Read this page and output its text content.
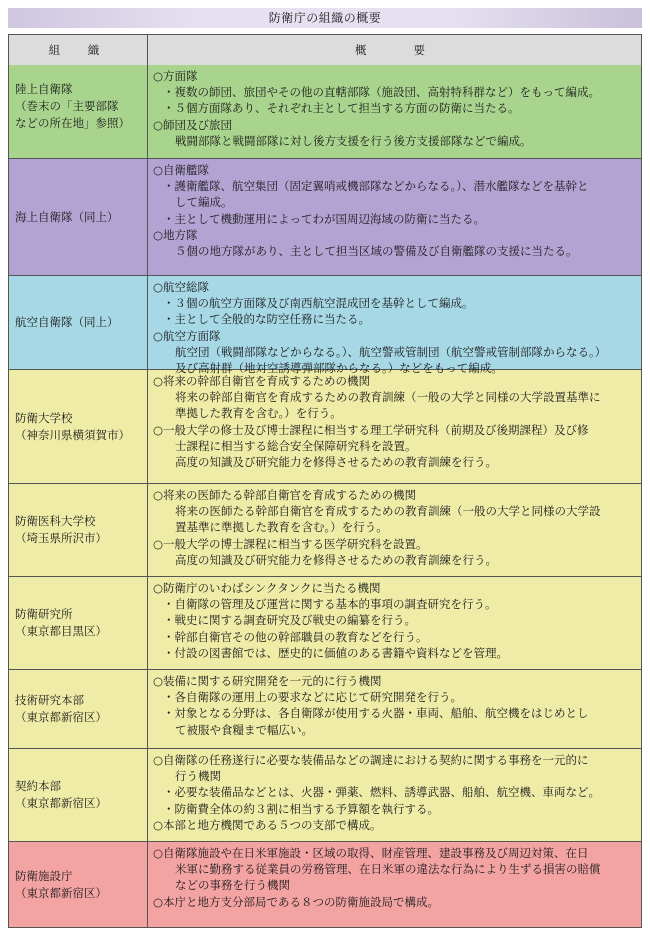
防衛庁の組織の概要
組　織	概　　要
陸上自衛隊
（巻末の「主要部隊
などの所在地」参照）
○方面隊
・複数の師団、旅団やその他の直轄部隊（施設団、高射特科群など）をもって編成。
・５個方面隊あり、それぞれ主として担当する方面の防衛に当たる。
○師団及び旅団
戦闘部隊と戦闘部隊に対し後方支援を行う後方支援部隊などで編成。
海上自衛隊（同上）
○自衛艦隊
・護衛艦隊、航空集団（固定翼哨戒機部隊などからなる。）、潜水艦隊などを基幹と
して編成。
・主として機動運用によってわが国周辺海域の防衛に当たる。
○地方隊
５個の地方隊があり、主として担当区域の警備及び自衛艦隊の支援に当たる。
航空自衛隊（同上）
○航空総隊
・３個の航空方面隊及び南西航空混成団を基幹として編成。
・主として全般的な防空任務に当たる。
○航空方面隊
航空団（戦闘部隊などからなる。）、航空警戒管制団（航空警戒管制部隊からなる。）
及び高射群（地対空誘導弾部隊からなる。）などをもって編成。
防衛大学校
（神奈川県横須賀市）
○将来の幹部自衛官を育成するための機関
将来の幹部自衛官を育成するための教育訓練（一般の大学と同様の大学設置基準に
準拠した教育を含む。）を行う。
○一般大学の修士及び博士課程に相当する理工学研究科（前期及び後期課程）及び修
士課程に相当する総合安全保障研究科を設置。
高度の知識及び研究能力を修得させるための教育訓練を行う。
防衛医科大学校
（埼玉県所沢市）
○将来の医師たる幹部自衛官を育成するための機関
将来の医師たる幹部自衛官を育成するための教育訓練（一般の大学と同様の大学設
置基準に準拠した教育を含む。）を行う。
○一般大学の博士課程に相当する医学研究科を設置。
高度の知識及び研究能力を修得させるための教育訓練を行う。
防衛研究所
（東京都目黒区）
○防衛庁のいわばシンクタンクに当たる機関
・自衛隊の管理及び運営に関する基本的事項の調査研究を行う。
・戦史に関する調査研究及び戦史の編纂を行う。
・幹部自衛官その他の幹部職員の教育などを行う。
・付設の図書館では、歴史的に価値のある書籍や資料などを管理。
技術研究本部
（東京都新宿区）
○装備に関する研究開発を一元的に行う機関
・各自衛隊の運用上の要求などに応じて研究開発を行う。
・対象となる分野は、各自衛隊が使用する火器・車両、船舶、航空機をはじめとし
て被服や食糧まで幅広い。
契約本部
（東京都新宿区）
○自衛隊の任務遂行に必要な装備品などの調達における契約に関する事務を一元的に
行う機関
・必要な装備品などとは、火器・弾薬、燃料、誘導武器、船舶、航空機、車両など。
・防衛費全体の約３割に相当する予算額を執行する。
○本部と地方機関である５つの支部で構成。
防衛施設庁
（東京都新宿区）
○自衛隊施設や在日米軍施設・区域の取得、財産管理、建設事務及び周辺対策、在日
米軍に勤務する従業員の労務管理、在日米軍の違法な行為により生ずる損害の賠償
などの事務を行う機関
○本庁と地方支分部局である８つの防衛施設局で構成。
